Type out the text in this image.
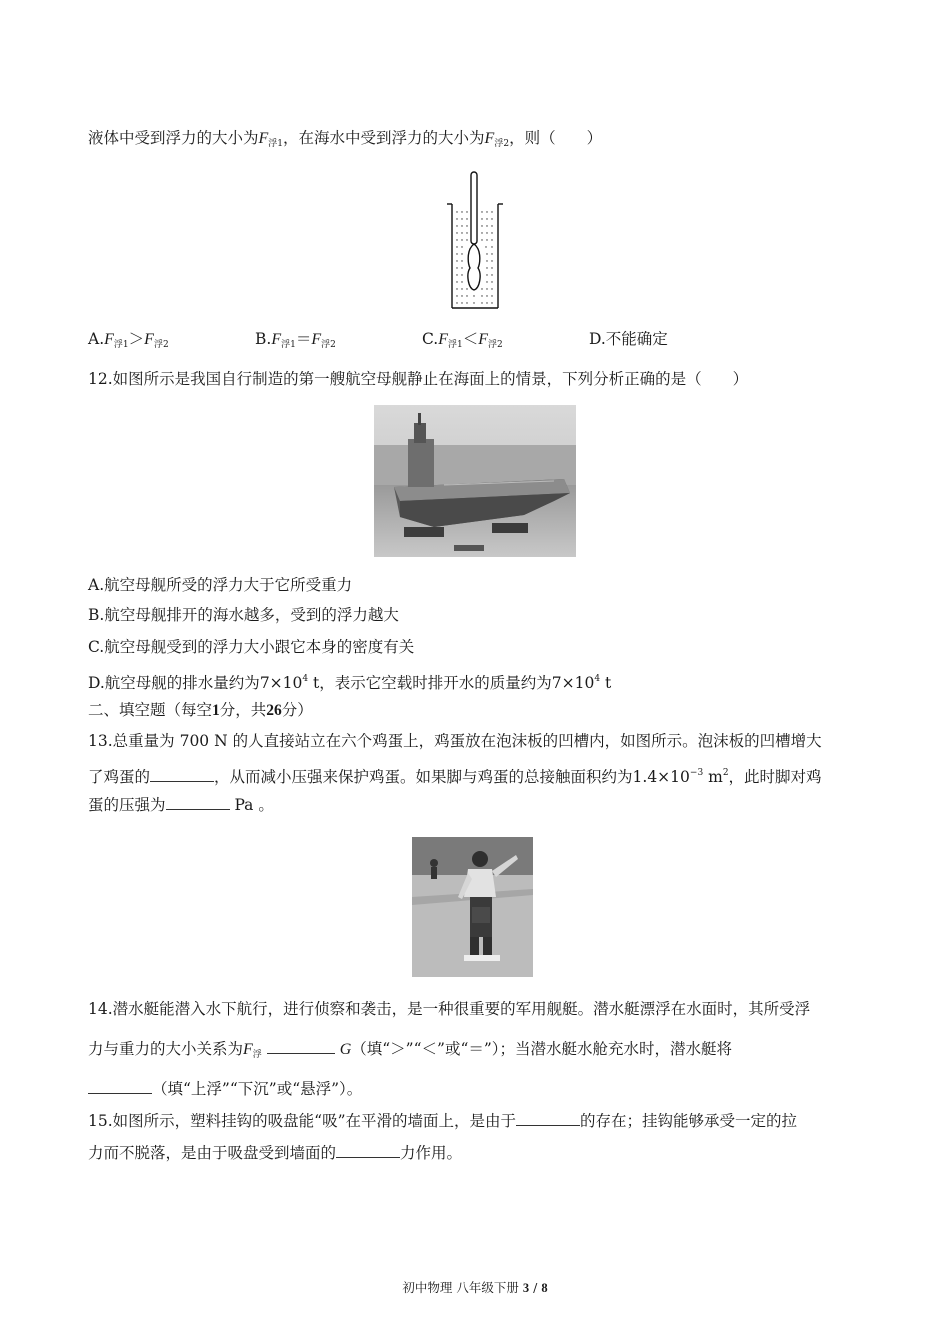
液体中受到浮力的大小为$F_{浮1}$，在海水中受到浮力的大小为$F_{浮2}$，则（　　）
$A.F_{浮1}>F_{浮2}$	$B.F_{浮1}=F_{浮2}$	$C.F_{浮1}<F_{浮2}$	D.不能确定
12.如图所示是我国自行制造的第一艘航空母舰静止在海面上的情景，下列分析正确的是（　　）
A.航空母舰所受的浮力大于它所受重力
B.航空母舰排开的海水越多，受到的浮力越大
C.航空母舰受到的浮力大小跟它本身的密度有关
D.航空母舰的排水量约为$7\times 10^4$ t，表示它空载时排开水的质量约为$7\times 10^4$ t
二、填空题（每空1分，共26分）
13.总重量为 700 N 的人直接站立在六个鸡蛋上，鸡蛋放在泡沫板的凹槽内，如图所示。泡沫板的凹槽增大
了鸡蛋的	，从而减小压强来保护鸡蛋。如果脚与鸡蛋的总接触面积约为$1.4\times 10^{-3}$ $m^2$，此时脚对鸡
蛋的压强为	Pa 。
14.潜水艇能潜入水下航行，进行侦察和袭击，是一种很重要的军用舰艇。潜水艇漂浮在水面时，其所受浮
力与重力的大小关系为$F_浮$	G（填“＞”“＜”或“＝”）；当潜水艇水舱充水时，潜水艇将
（填“上浮”“下沉”或“悬浮”）。
15.如图所示，塑料挂钩的吸盘能“吸”在平滑的墙面上，是由于	的存在；挂钩能够承受一定的拉
力而不脱落，是由于吸盘受到墙面的	力作用。
初中物理 八年级下册 3 / 8
